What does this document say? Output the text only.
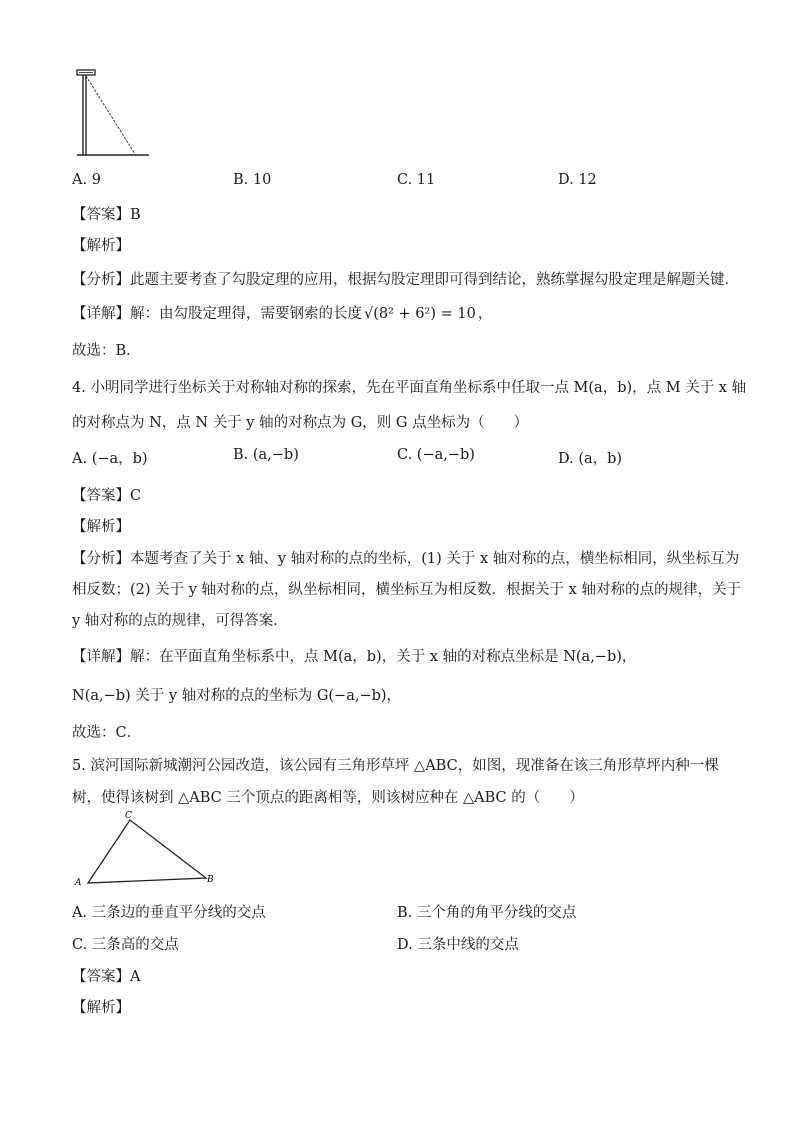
A. 9	B. 10	C. 11	D. 12
【答案】B
【解析】
【分析】此题主要考查了勾股定理的应用，根据勾股定理即可得到结论，熟练掌握勾股定理是解题关键．
【详解】解：由勾股定理得，需要钢索的长度 √(8² + 6²) = 10 ，
故选：B．
4. 小明同学进行坐标关于对称轴对称的探索，先在平面直角坐标系中任取一点 M(a，b)，点 M 关于 x 轴
的对称点为 N，点 N 关于 y 轴的对称点为 G，则 G 点坐标为（　　）
A. (−a，b)	B. (a,−b)	C. (−a,−b)	D. (a，b)
【答案】C
【解析】
【分析】本题考查了关于 x 轴、y 轴对称的点的坐标，(1) 关于 x 轴对称的点，横坐标相同，纵坐标互为
相反数；(2) 关于 y 轴对称的点，纵坐标相同，横坐标互为相反数．根据关于 x 轴对称的点的规律，关于
y 轴对称的点的规律，可得答案．
【详解】解：在平面直角坐标系中，点 M(a，b)，关于 x 轴的对称点坐标是 N(a,−b)，
N(a,−b) 关于 y 轴对称的点的坐标为 G(−a,−b)，
故选：C．
5. 滨河国际新城潮河公园改造，该公园有三角形草坪 △ABC，如图，现准备在该三角形草坪内种一棵
树，使得该树到 △ABC 三个顶点的距离相等，则该树应种在 △ABC 的（　　）
C
A	B
A. 三条边的垂直平分线的交点	B. 三个角的角平分线的交点
C. 三条高的交点	D. 三条中线的交点
【答案】A
【解析】
